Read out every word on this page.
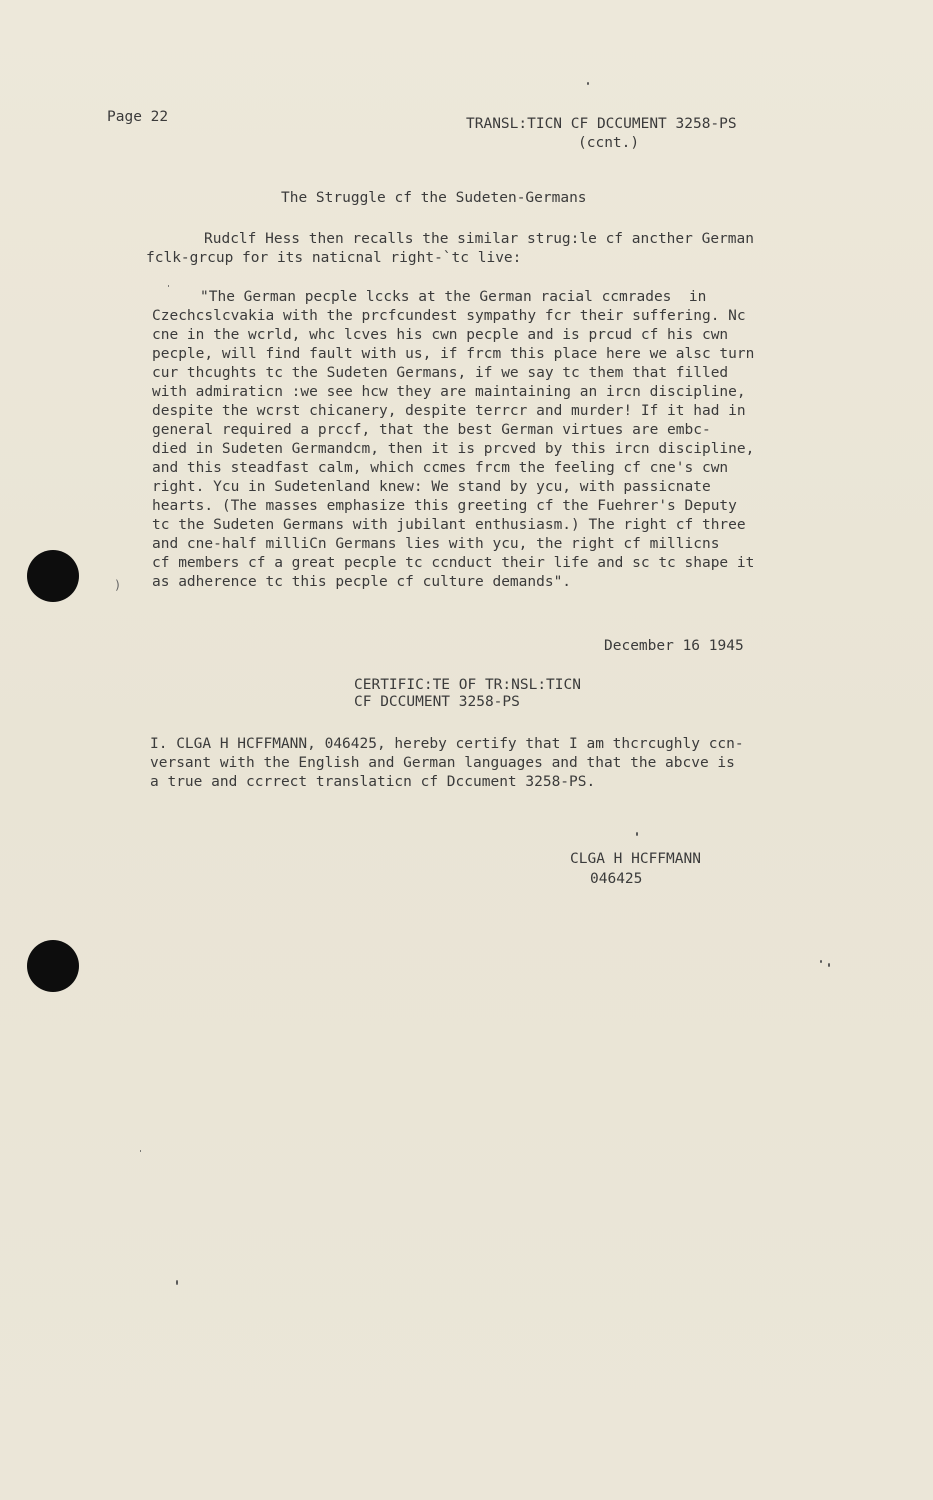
Page 22	TRANSL:TICN CF DCCUMENT 3258-PS
(ccnt.)
The Struggle cf the Sudeten-Germans
Rudclf Hess then recalls the similar strug:le cf ancther German
fclk-grcup for its naticnal right-`tc live:
"The German pecple lccks at the German racial ccmrades  in
Czechcslcvakia with the prcfcundest sympathy fcr their suffering. Nc
cne in the wcrld, whc lcves his cwn pecple and is prcud cf his cwn
pecple, will find fault with us, if frcm this place here we alsc turn
cur thcughts tc the Sudeten Germans, if we say tc them that filled
with admiraticn :we see hcw they are maintaining an ircn discipline,
despite the wcrst chicanery, despite terrcr and murder! If it had in
general required a prccf, that the best German virtues are embc-
died in Sudeten Germandcm, then it is prcved by this ircn discipline,
and this steadfast calm, which ccmes frcm the feeling cf cne's cwn
right. Ycu in Sudetenland knew: We stand by ycu, with passicnate
hearts. (The masses emphasize this greeting cf the Fuehrer's Deputy
tc the Sudeten Germans with jubilant enthusiasm.) The right cf three
and cne-half milliCn Germans lies with ycu, the right cf millicns
cf members cf a great pecple tc ccnduct their life and sc tc shape it
as adherence tc this pecple cf culture demands".
)
December 16 1945
CERTIFIC:TE OF TR:NSL:TICN
CF DCCUMENT 3258-PS
I. CLGA H HCFFMANN, 046425, hereby certify that I am thcrcughly ccn-
versant with the English and German languages and that the abcve is
a true and ccrrect translaticn cf Dccument 3258-PS.
CLGA H HCFFMANN
046425
